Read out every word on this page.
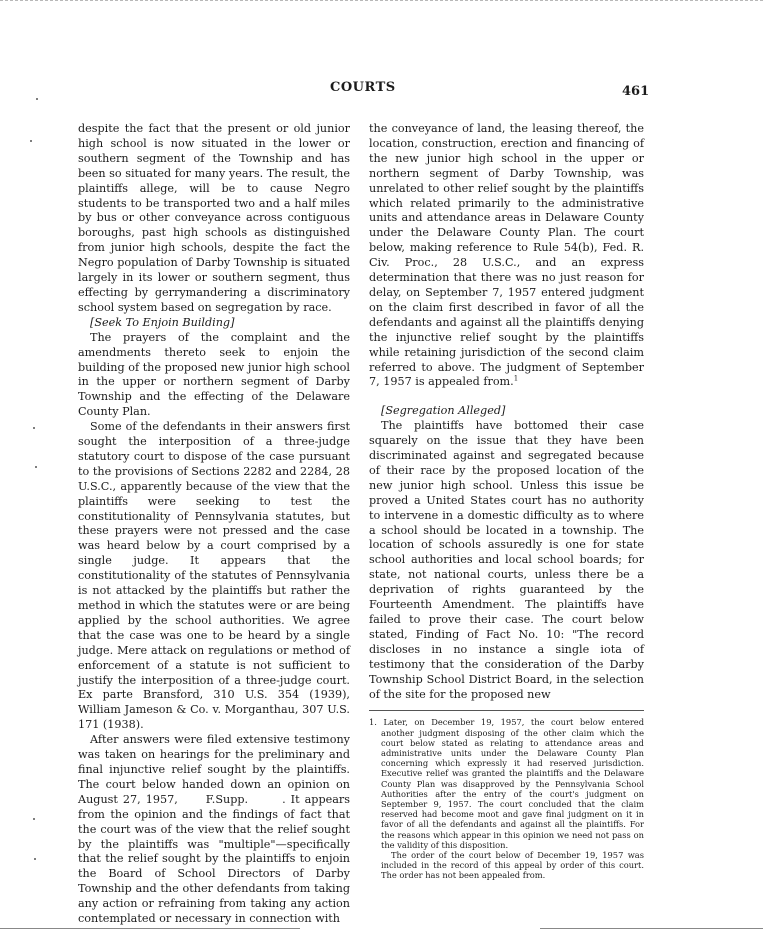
COURTS	461

despite the fact that the present or old junior high school is now situated in the lower or southern segment of the Township and has been so situated for many years. The result, the plaintiffs allege, will be to cause Negro students to be transported two and a half miles by bus or other conveyance across contiguous boroughs, past high schools as distinguished from junior high schools, despite the fact the Negro population of Darby Township is situated largely in its lower or southern segment, thus effecting by gerrymandering a discriminatory school system based on segregation by race.

[Seek To Enjoin Building]

The prayers of the complaint and the amendments thereto seek to enjoin the building of the proposed new junior high school in the upper or northern segment of Darby Township and the effecting of the Delaware County Plan.

Some of the defendants in their answers first sought the interposition of a three-judge statutory court to dispose of the case pursuant to the provisions of Sections 2282 and 2284, 28 U.S.C., apparently because of the view that the plaintiffs were seeking to test the constitutionality of Pennsylvania statutes, but these prayers were not pressed and the case was heard below by a court comprised by a single judge. It appears that the constitutionality of the statutes of Pennsylvania is not attacked by the plaintiffs but rather the method in which the statutes were or are being applied by the school authorities. We agree that the case was one to be heard by a single judge. Mere attack on regulations or method of enforcement of a statute is not sufficient to justify the interposition of a three-judge court. Ex parte Bransford, 310 U.S. 354 (1939), William Jameson & Co. v. Morganthau, 307 U.S. 171 (1938).

After answers were filed extensive testimony was taken on hearings for the preliminary and final injunctive relief sought by the plaintiffs. The court below handed down an opinion on August 27, 1957,	F.Supp.	. It appears from the opinion and the findings of fact that the court was of the view that the relief sought by the plaintiffs was "multiple"—specifically that the relief sought by the plaintiffs to enjoin the Board of School Directors of Darby Township and the other defendants from taking any action or refraining from taking any action contemplated or necessary in connection with

the conveyance of land, the leasing thereof, the location, construction, erection and financing of the new junior high school in the upper or northern segment of Darby Township, was unrelated to other relief sought by the plaintiffs which related primarily to the administrative units and attendance areas in Delaware County under the Delaware County Plan. The court below, making reference to Rule 54(b), Fed. R. Civ. Proc., 28 U.S.C., and an express determination that there was no just reason for delay, on September 7, 1957 entered judgment on the claim first described in favor of all the defendants and against all the plaintiffs denying the injunctive relief sought by the plaintiffs while retaining jurisdiction of the second claim referred to above. The judgment of September 7, 1957 is appealed from.$^1$

[Segregation Alleged]

The plaintiffs have bottomed their case squarely on the issue that they have been discriminated against and segregated because of their race by the proposed location of the new junior high school. Unless this issue be proved a United States court has no authority to intervene in a domestic difficulty as to where a school should be located in a township. The location of schools assuredly is one for state school authorities and local school boards; for state, not national courts, unless there be a deprivation of rights guaranteed by the Fourteenth Amendment. The plaintiffs have failed to prove their case. The court below stated, Finding of Fact No. 10: "The record discloses in no instance a single iota of testimony that the consideration of the Darby Township School District Board, in the selection of the site for the proposed new

1. Later, on December 19, 1957, the court below entered another judgment disposing of the other claim which the court below stated as relating to attendance areas and administrative units under the Delaware County Plan concerning which expressly it had reserved jurisdiction. Executive relief was granted the plaintiffs and the Delaware County Plan was disapproved by the Pennsylvania School Authorities after the entry of the court's judgment on September 9, 1957. The court concluded that the claim reserved had become moot and gave final judgment on it in favor of all the defendants and against all the plaintiffs. For the reasons which appear in this opinion we need not pass on the validity of this disposition.

The order of the court below of December 19, 1957 was included in the record of this appeal by order of this court. The order has not been appealed from.
